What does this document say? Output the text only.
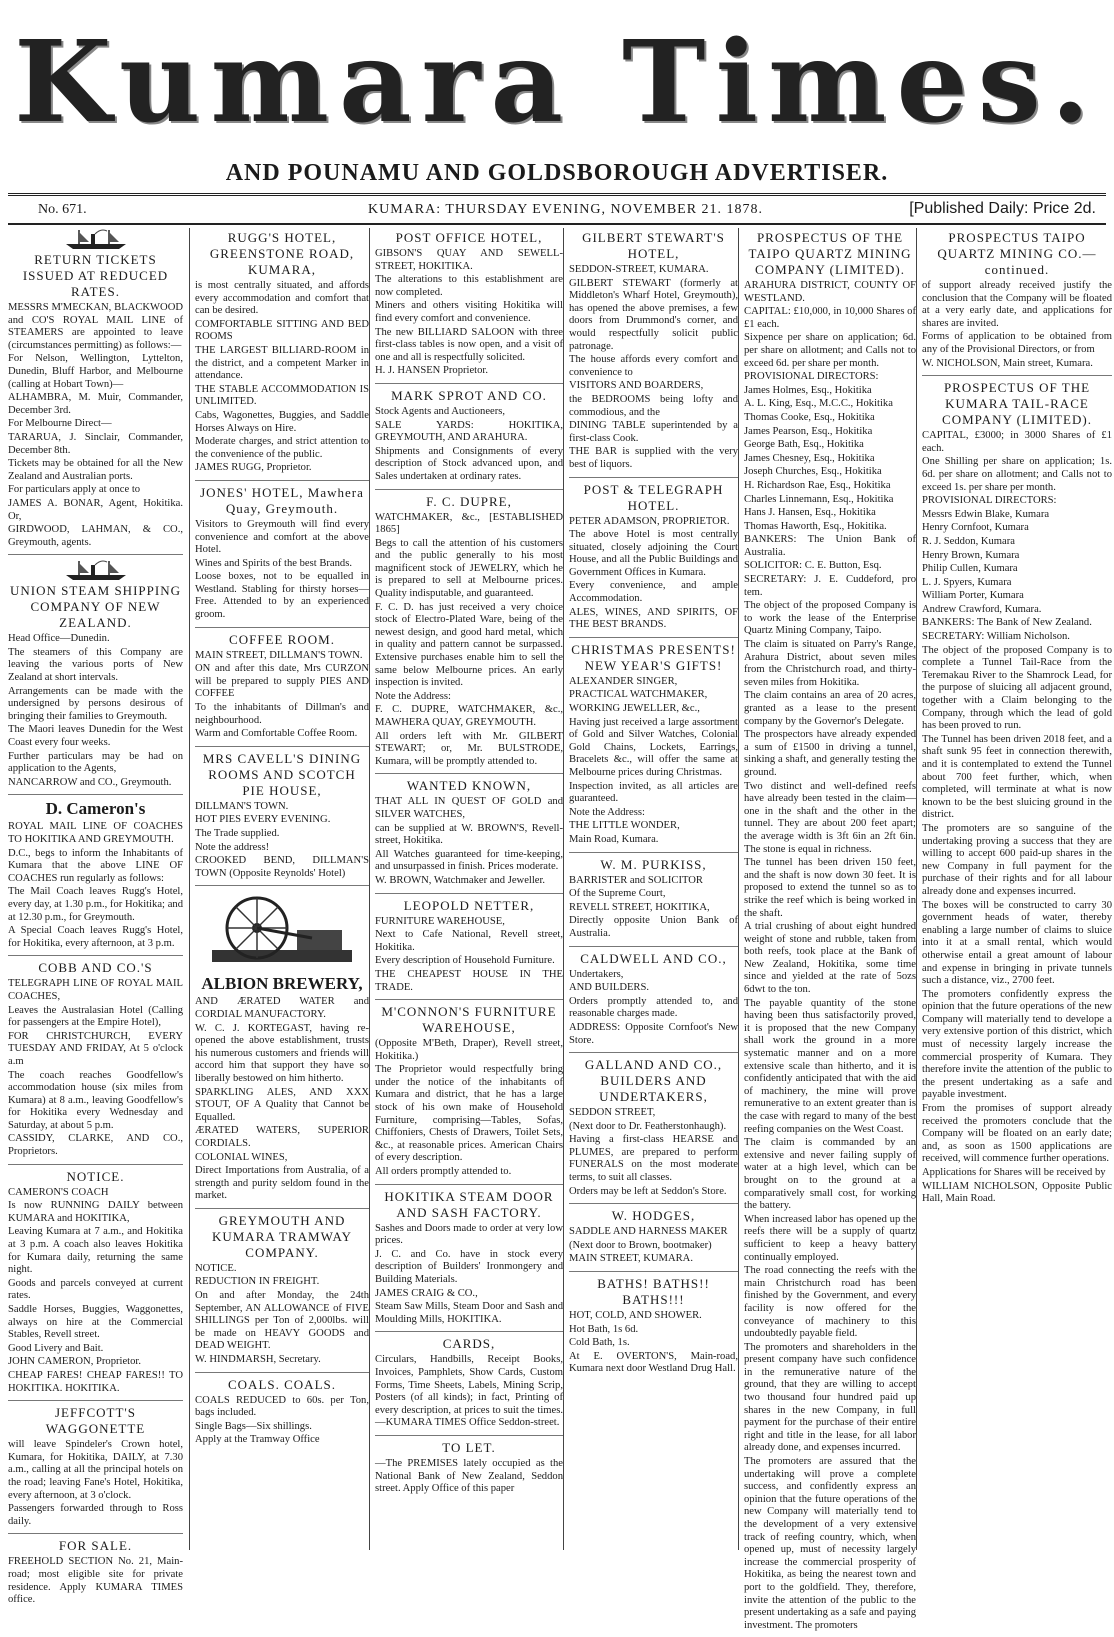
Kumara Times.
AND POUNAMU AND GOLDSBOROUGH ADVERTISER.
No. 671.	KUMARA: THURSDAY EVENING, NOVEMBER 21. 1878.	[Published Daily: Price 2d.
RETURN TICKETS ISSUED AT REDUCED RATES.
MESSRS M'MECKAN, BLACKWOOD and CO'S ROYAL MAIL LINE of STEAMERS are appointed to leave (circumstances permitting) as follows:—
For Nelson, Wellington, Lyttelton, Dunedin, Bluff Harbor, and Melbourne (calling at Hobart Town)—
ALHAMBRA, M. Muir, Commander, December 3rd.
For Melbourne Direct—
TARARUA, J. Sinclair, Commander, December 8th.
Tickets may be obtained for all the New Zealand and Australian ports.
For particulars apply at once to
JAMES A. BONAR, Agent, Hokitika. Or,
GIRDWOOD, LAHMAN, & CO., Greymouth, agents.
UNION STEAM SHIPPING COMPANY OF NEW ZEALAND.
Head Office—Dunedin.
The steamers of this Company are leaving the various ports of New Zealand at short intervals.
Arrangements can be made with the undersigned by persons desirous of bringing their families to Greymouth.
The Maori leaves Dunedin for the West Coast every four weeks.
Further particulars may be had on application to the Agents,
NANCARROW and CO., Greymouth.
D. Cameron's
ROYAL MAIL LINE OF COACHES TO HOKITIKA AND GREYMOUTH.
D.C., begs to inform the Inhabitants of Kumara that the above LINE OF COACHES run regularly as follows:
The Mail Coach leaves Rugg's Hotel, every day, at 1.30 p.m., for Hokitika; and at 12.30 p.m., for Greymouth.
A Special Coach leaves Rugg's Hotel, for Hokitika, every afternoon, at 3 p.m.
COBB AND CO.'S
TELEGRAPH LINE OF ROYAL MAIL COACHES,
Leaves the Australasian Hotel (Calling for passengers at the Empire Hotel),
FOR CHRISTCHURCH, EVERY TUESDAY AND FRIDAY, At 5 o'clock a.m
The coach reaches Goodfellow's accommodation house (six miles from Kumara) at 8 a.m., leaving Goodfellow's for Hokitika every Wednesday and Saturday, at about 5 p.m.
CASSIDY, CLARKE, AND CO., Proprietors.
NOTICE.
CAMERON'S COACH
Is now RUNNING DAILY between KUMARA and HOKITIKA,
Leaving Kumara at 7 a.m., and Hokitika at 3 p.m. A coach also leaves Hokitika for Kumara daily, returning the same night.
Goods and parcels conveyed at current rates.
Saddle Horses, Buggies, Waggonettes, always on hire at the Commercial Stables, Revell street.
Good Livery and Bait.
JOHN CAMERON, Proprietor.
CHEAP FARES! CHEAP FARES!! TO HOKITIKA. HOKITIKA.
JEFFCOTT'S WAGGONETTE
will leave Spindeler's Crown hotel, Kumara, for Hokitika, DAILY, at 7.30 a.m., calling at all the principal hotels on the road; leaving Fane's Hotel, Hokitika, every afternoon, at 3 o'clock.
Passengers forwarded through to Ross daily.
FOR SALE.
FREEHOLD SECTION No. 21, Main-road; most eligible site for private residence. Apply KUMARA TIMES office.
RUGG'S HOTEL, GREENSTONE ROAD, KUMARA,
is most centrally situated, and affords every accommodation and comfort that can be desired.
COMFORTABLE SITTING AND BED ROOMS
THE LARGEST BILLIARD-ROOM in the district, and a competent Marker in attendance.
THE STABLE ACCOMMODATION IS UNLIMITED.
Cabs, Wagonettes, Buggies, and Saddle Horses Always on Hire.
Moderate charges, and strict attention to the convenience of the public.
JAMES RUGG, Proprietor.
JONES' HOTEL, Mawhera Quay, Greymouth.
Visitors to Greymouth will find every convenience and comfort at the above Hotel.
Wines and Spirits of the best Brands.
Loose boxes, not to be equalled in Westland. Stabling for thirsty horses—Free. Attended to by an experienced groom.
COFFEE ROOM.
MAIN STREET, DILLMAN'S TOWN.
ON and after this date, Mrs CURZON will be prepared to supply PIES AND COFFEE
To the inhabitants of Dillman's and neighbourhood.
Warm and Comfortable Coffee Room.
MRS CAVELL'S DINING ROOMS AND SCOTCH PIE HOUSE,
DILLMAN'S TOWN.
HOT PIES EVERY EVENING.
The Trade supplied.
Note the address!
CROOKED BEND, DILLMAN'S TOWN (Opposite Reynolds' Hotel)
ALBION BREWERY,
AND ÆRATED WATER and CORDIAL MANUFACTORY.
W. C. J. KORTEGAST, having re-opened the above establishment, trusts his numerous customers and friends will accord him that support they have so liberally bestowed on him hitherto.
SPARKLING ALES, AND XXX STOUT, OF A Quality that Cannot be Equalled.
ÆRATED WATERS, SUPERIOR CORDIALS.
COLONIAL WINES,
Direct Importations from Australia, of a strength and purity seldom found in the market.
GREYMOUTH AND KUMARA TRAMWAY COMPANY.
NOTICE.
REDUCTION IN FREIGHT.
On and after Monday, the 24th September, AN ALLOWANCE of FIVE SHILLINGS per Ton of 2,000lbs. will be made on HEAVY GOODS and DEAD WEIGHT.
W. HINDMARSH, Secretary.
COALS. COALS.
COALS REDUCED to 60s. per Ton, bags included.
Single Bags—Six shillings.
Apply at the Tramway Office
POST OFFICE HOTEL,
GIBSON'S QUAY AND SEWELL-STREET, HOKITIKA.
The alterations to this establishment are now completed.
Miners and others visiting Hokitika will find every comfort and convenience.
The new BILLIARD SALOON with three first-class tables is now open, and a visit of one and all is respectfully solicited.
H. J. HANSEN Proprietor.
MARK SPROT AND CO.
Stock Agents and Auctioneers,
SALE YARDS: HOKITIKA, GREYMOUTH, AND ARAHURA.
Shipments and Consignments of every description of Stock advanced upon, and Sales undertaken at ordinary rates.
F. C. DUPRE,
WATCHMAKER, &c., [ESTABLISHED 1865]
Begs to call the attention of his customers and the public generally to his most magnificent stock of JEWELRY, which he is prepared to sell at Melbourne prices. Quality indisputable, and guaranteed.
F. C. D. has just received a very choice stock of Electro-Plated Ware, being of the newest design, and good hard metal, which in quality and pattern cannot be surpassed. Extensive purchases enable him to sell the same below Melbourne prices. An early inspection is invited.
Note the Address:
F. C. DUPRE, WATCHMAKER, &c., MAWHERA QUAY, GREYMOUTH.
All orders left with Mr. GILBERT STEWART; or, Mr. BULSTRODE, Kumara, will be promptly attended to.
WANTED KNOWN,
THAT ALL IN QUEST OF GOLD and SILVER WATCHES,
can be supplied at W. BROWN'S, Revell-street, Hokitika.
All Watches guaranteed for time-keeping, and unsurpassed in finish. Prices moderate.
W. BROWN, Watchmaker and Jeweller.
LEOPOLD NETTER,
FURNITURE WAREHOUSE,
Next to Cafe National, Revell street, Hokitika.
Every description of Household Furniture.
THE CHEAPEST HOUSE IN THE TRADE.
M'CONNON'S FURNITURE WAREHOUSE,
(Opposite M'Beth, Draper), Revell street, Hokitika.)
The Proprietor would respectfully bring under the notice of the inhabitants of Kumara and district, that he has a large stock of his own make of Household Furniture, comprising—Tables, Sofas, Chiffoniers, Chests of Drawers, Toilet Sets, &c., at reasonable prices. American Chairs of every description.
All orders promptly attended to.
HOKITIKA STEAM DOOR AND SASH FACTORY.
Sashes and Doors made to order at very low prices.
J. C. and Co. have in stock every description of Builders' Ironmongery and Building Materials.
JAMES CRAIG & CO.,
Steam Saw Mills, Steam Door and Sash and Moulding Mills, HOKITIKA.
CARDS,
Circulars, Handbills, Receipt Books, Invoices, Pamphlets, Show Cards, Custom Forms, Time Sheets, Labels, Mining Scrip, Posters (of all kinds); in fact, Printing of every description, at prices to suit the times.—KUMARA TIMES Office Seddon-street.
TO LET.
—The PREMISES lately occupied as the National Bank of New Zealand, Seddon street. Apply Office of this paper
GILBERT STEWART'S HOTEL,
SEDDON-STREET, KUMARA.
GILBERT STEWART (formerly at Middleton's Wharf Hotel, Greymouth), has opened the above premises, a few doors from Drummond's corner, and would respectfully solicit public patronage.
The house affords every comfort and convenience to
VISITORS AND BOARDERS,
the BEDROOMS being lofty and commodious, and the
DINING TABLE superintended by a first-class Cook.
THE BAR is supplied with the very best of liquors.
POST & TELEGRAPH HOTEL.
PETER ADAMSON, PROPRIETOR.
The above Hotel is most centrally situated, closely adjoining the Court House, and all the Public Buildings and Government Offices in Kumara.
Every convenience, and ample Accommodation.
ALES, WINES, AND SPIRITS, OF THE BEST BRANDS.
CHRISTMAS PRESENTS! NEW YEAR'S GIFTS!
ALEXANDER SINGER,
PRACTICAL WATCHMAKER,
WORKING JEWELLER, &c.,
Having just received a large assortment of Gold and Silver Watches, Colonial Gold Chains, Lockets, Earrings, Bracelets &c., will offer the same at Melbourne prices during Christmas.
Inspection invited, as all articles are guaranteed.
Note the Address:
THE LITTLE WONDER,
Main Road, Kumara.
W. M. PURKISS,
BARRISTER and SOLICITOR
Of the Supreme Court,
REVELL STREET, HOKITIKA,
Directly opposite Union Bank of Australia.
CALDWELL AND CO.,
Undertakers,
AND BUILDERS.
Orders promptly attended to, and reasonable charges made.
ADDRESS: Opposite Cornfoot's New Store.
GALLAND AND CO., BUILDERS AND UNDERTAKERS,
SEDDON STREET,
(Next door to Dr. Featherstonhaugh).
Having a first-class HEARSE and PLUMES, are prepared to perform FUNERALS on the most moderate terms, to suit all classes.
Orders may be left at Seddon's Store.
W. HODGES,
SADDLE AND HARNESS MAKER
(Next door to Brown, bootmaker)
MAIN STREET, KUMARA.
BATHS! BATHS!! BATHS!!!
HOT, COLD, AND SHOWER.
Hot Bath, 1s 6d.
Cold Bath, 1s.
At E. OVERTON'S, Main-road, Kumara next door Westland Drug Hall.
PROSPECTUS OF THE TAIPO QUARTZ MINING COMPANY (LIMITED).
ARAHURA DISTRICT, COUNTY OF WESTLAND.
CAPITAL: £10,000, in 10,000 Shares of £1 each.
Sixpence per share on application; 6d. per share on allotment; and Calls not to exceed 6d. per share per month.
PROVISIONAL DIRECTORS:
James Holmes, Esq., Hokitika
A. L. King, Esq., M.C.C., Hokitika
Thomas Cooke, Esq., Hokitika
James Pearson, Esq., Hokitika
George Bath, Esq., Hokitika
James Chesney, Esq., Hokitika
Joseph Churches, Esq., Hokitika
H. Richardson Rae, Esq., Hokitika
Charles Linnemann, Esq., Hokitika
Hans J. Hansen, Esq., Hokitika
Thomas Haworth, Esq., Hokitika.
BANKERS: The Union Bank of Australia.
SOLICITOR: C. E. Button, Esq.
SECRETARY: J. E. Cuddeford, pro tem.
The object of the proposed Company is to work the lease of the Enterprise Quartz Mining Company, Taipo.
The claim is situated on Parry's Range, Arahura District, about seven miles from the Christchurch road, and thirty-seven miles from Hokitika.
The claim contains an area of 20 acres, granted as a lease to the present company by the Governor's Delegate.
The prospectors have already expended a sum of £1500 in driving a tunnel, sinking a shaft, and generally testing the ground.
Two distinct and well-defined reefs have already been tested in the claim—one in the shaft and the other in the tunnel. They are about 200 feet apart; the average width is 3ft 6in an 2ft 6in. The stone is equal in richness.
The tunnel has been driven 150 feet, and the shaft is now down 30 feet. It is proposed to extend the tunnel so as to strike the reef which is being worked in the shaft.
A trial crushing of about eight hundred weight of stone and rubble, taken from both reefs, took place at the Bank of New Zealand, Hokitika, some time since and yielded at the rate of 5ozs 6dwt to the ton.
The payable quantity of the stone having been thus satisfactorily proved, it is proposed that the new Company shall work the ground in a more systematic manner and on a more extensive scale than hitherto, and it is confidently anticipated that with the aid of machinery, the mine will prove remunerative to an extent greater than is the case with regard to many of the best reefing companies on the West Coast.
The claim is commanded by an extensive and never failing supply of water at a high level, which can be brought on to the ground at a comparatively small cost, for working the battery.
When increased labor has opened up the reefs there will be a supply of quartz sufficient to keep a heavy battery continually employed.
The road connecting the reefs with the main Christchurch road has been finished by the Government, and every facility is now offered for the conveyance of machinery to this undoubtedly payable field.
The promoters and shareholders in the present company have such confidence in the remunerative nature of the ground, that they are willing to accept two thousand four hundred paid up shares in the new Company, in full payment for the purchase of their entire right and title in the lease, for all labor already done, and expenses incurred.
The promoters are assured that the undertaking will prove a complete success, and confidently express an opinion that the future operations of the new Company will materially tend to the development of a very extensive track of reefing country, which, when opened up, must of necessity largely increase the commercial prosperity of Hokitika, as being the nearest town and port to the goldfield. They, therefore, invite the attention of the public to the present undertaking as a safe and paying investment. The promoters
PROSPECTUS TAIPO QUARTZ MINING CO.—continued.
of support already received justify the conclusion that the Company will be floated at a very early date, and applications for shares are invited.
Forms of application to be obtained from any of the Provisional Directors, or from
W. NICHOLSON, Main street, Kumara.
PROSPECTUS OF THE KUMARA TAIL-RACE COMPANY (LIMITED).
CAPITAL, £3000; in 3000 Shares of £1 each.
One Shilling per share on application; 1s. 6d. per share on allotment; and Calls not to exceed 1s. per share per month.
PROVISIONAL DIRECTORS:
Messrs Edwin Blake, Kumara
Henry Cornfoot, Kumara
R. J. Seddon, Kumara
Henry Brown, Kumara
Philip Cullen, Kumara
L. J. Spyers, Kumara
William Porter, Kumara
Andrew Crawford, Kumara.
BANKERS: The Bank of New Zealand.
SECRETARY: William Nicholson.
The object of the proposed Company is to complete a Tunnel Tail-Race from the Teremakau River to the Shamrock Lead, for the purpose of sluicing all adjacent ground, together with a Claim belonging to the Company, through which the lead of gold has been proved to run.
The Tunnel has been driven 2018 feet, and a shaft sunk 95 feet in connection therewith, and it is contemplated to extend the Tunnel about 700 feet further, which, when completed, will terminate at what is now known to be the best sluicing ground in the district.
The promoters are so sanguine of the undertaking proving a success that they are willing to accept 600 paid-up shares in the new Company in full payment for the purchase of their rights and for all labour already done and expenses incurred.
The boxes will be constructed to carry 30 government heads of water, thereby enabling a large number of claims to sluice into it at a small rental, which would otherwise entail a great amount of labour and expense in bringing in private tunnels such a distance, viz., 2700 feet.
The promoters confidently express the opinion that the future operations of the new Company will materially tend to develope a very extensive portion of this district, which must of necessity largely increase the commercial prosperity of Kumara. They therefore invite the attention of the public to the present undertaking as a safe and payable investment.
From the promises of support already received the promoters conclude that the Company will be floated on an early date; and, as soon as 1500 applications are received, will commence further operations.
Applications for Shares will be received by
WILLIAM NICHOLSON, Opposite Public Hall, Main Road.
